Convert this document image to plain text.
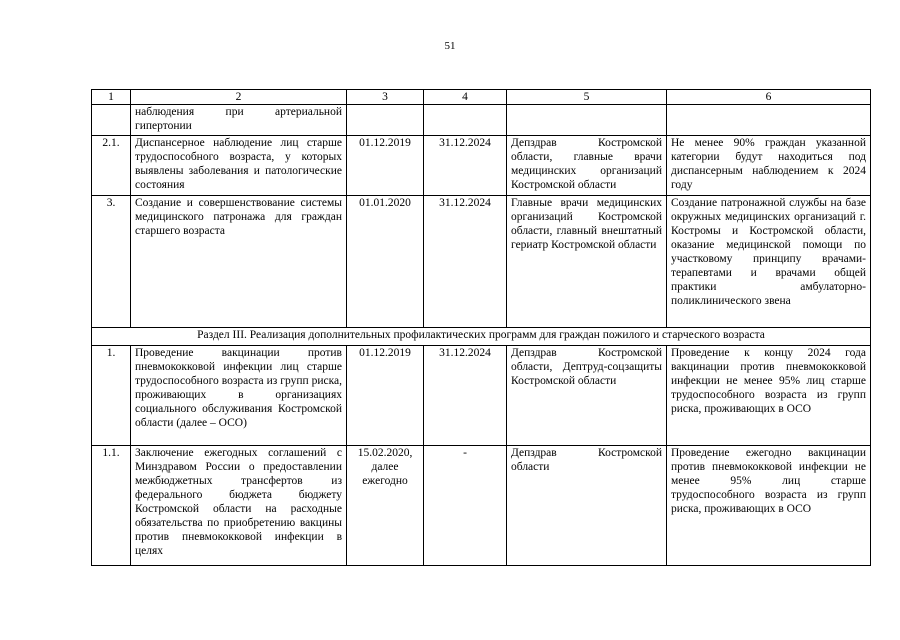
51
1	2	3	4	5	6
	наблюдения при артериальной гипертонии				
2.1.	Диспансерное наблюдение лиц старше трудоспособного возраста, у которых выявлены заболевания и патологические состояния	01.12.2019	31.12.2024	Депздрав Костромской области, главные врачи медицинских организаций Костромской области	Не менее 90% граждан указанной категории будут находиться под диспансерным наблюдением к 2024 году
3.	Создание и совершенствование системы медицинского патронажа для граждан старшего возраста	01.01.2020	31.12.2024	Главные врачи медицинских организаций Костромской области, главный внештатный гериатр Костромской области	Создание патронажной службы на базе окружных медицинских организаций г. Костромы и Костромской области, оказание медицинской помощи по участковому принципу врачами-терапевтами и врачами общей практики амбулаторно-поликлинического звена
Раздел III. Реализация дополнительных профилактических программ для граждан пожилого и старческого возраста					
1.	Проведение вакцинации против пневмококковой инфекции лиц старше трудоспособного возраста из групп риска, проживающих в организациях социального обслуживания Костромской области (далее – ОСО)	01.12.2019	31.12.2024	Депздрав Костромской области, Дептруд-соцзащиты Костромской области	Проведение к концу 2024 года вакцинации против пневмококковой инфекции не менее 95% лиц старше трудоспособного возраста из групп риска, проживающих в ОСО
1.1.	Заключение ежегодных соглашений с Минздравом России о предоставлении межбюджетных трансфертов из федерального бюджета бюджету Костромской области на расходные обязательства по приобретению вакцины против пневмококковой инфекции в целях	15.02.2020, далее ежегодно	-	Депздрав Костромской области	Проведение ежегодно вакцинации против пневмококковой инфекции не менее 95% лиц старше трудоспособного возраста из групп риска, проживающих в ОСО
